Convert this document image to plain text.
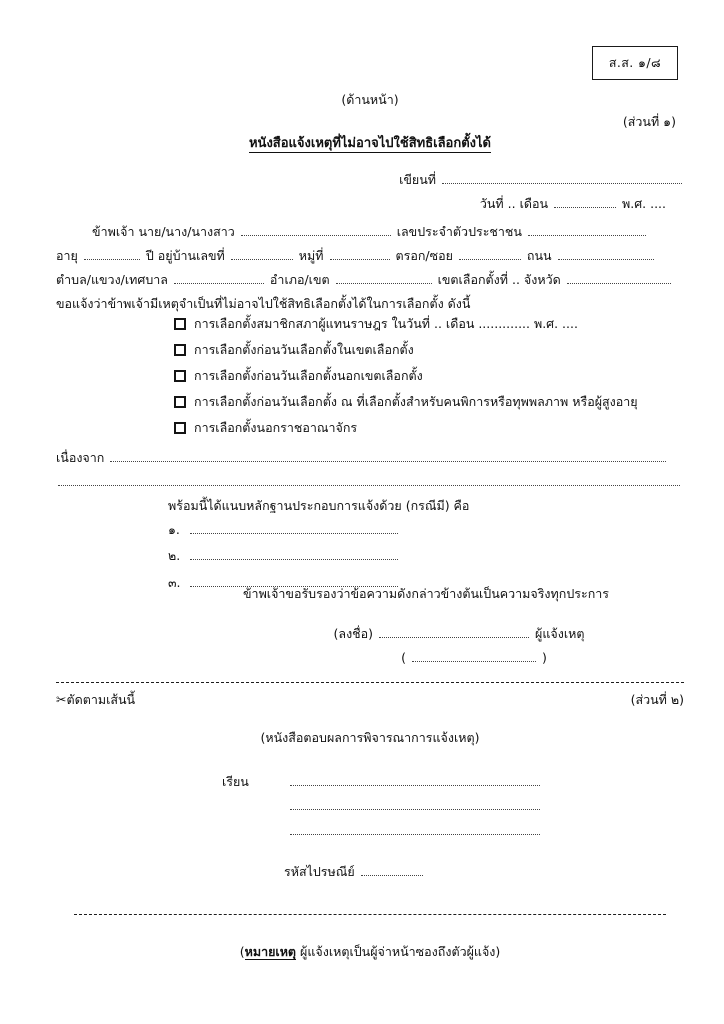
ส.ส. ๑/๘
(ด้านหน้า)
(ส่วนที่ ๑)
หนังสือแจ้งเหตุที่ไม่อาจไปใช้สิทธิเลือกตั้งได้
เขียนที่
วันที่ .. เดือน	พ.ศ. ....
ข้าพเจ้า นาย/นาง/นางสาว	เลขประจำตัวประชาชน
อายุ	ปี อยู่บ้านเลขที่	หมู่ที่	ตรอก/ซอย	ถนน
ตำบล/แขวง/เทศบาล	อำเภอ/เขต	เขตเลือกตั้งที่ .. จังหวัด
ขอแจ้งว่าข้าพเจ้ามีเหตุจำเป็นที่ไม่อาจไปใช้สิทธิเลือกตั้งได้ในการเลือกตั้ง ดังนี้
การเลือกตั้งสมาชิกสภาผู้แทนราษฎร ในวันที่ .. เดือน ............. พ.ศ. ....
การเลือกตั้งก่อนวันเลือกตั้งในเขตเลือกตั้ง
การเลือกตั้งก่อนวันเลือกตั้งนอกเขตเลือกตั้ง
การเลือกตั้งก่อนวันเลือกตั้ง ณ ที่เลือกตั้งสำหรับคนพิการหรือทุพพลภาพ หรือผู้สูงอายุ
การเลือกตั้งนอกราชอาณาจักร
เนื่องจาก
พร้อมนี้ได้แนบหลักฐานประกอบการแจ้งด้วย (กรณีมี) คือ
๑.
๒.
๓.
ข้าพเจ้าขอรับรองว่าข้อความดังกล่าวข้างต้นเป็นความจริงทุกประการ
(ลงชื่อ)	ผู้แจ้งเหตุ
(	)
✂ตัดตามเส้นนี้	(ส่วนที่ ๒)
(หนังสือตอบผลการพิจารณาการแจ้งเหตุ)
เรียน

รหัสไปรษณีย์
(หมายเหตุ ผู้แจ้งเหตุเป็นผู้จ่าหน้าซองถึงตัวผู้แจ้ง)
